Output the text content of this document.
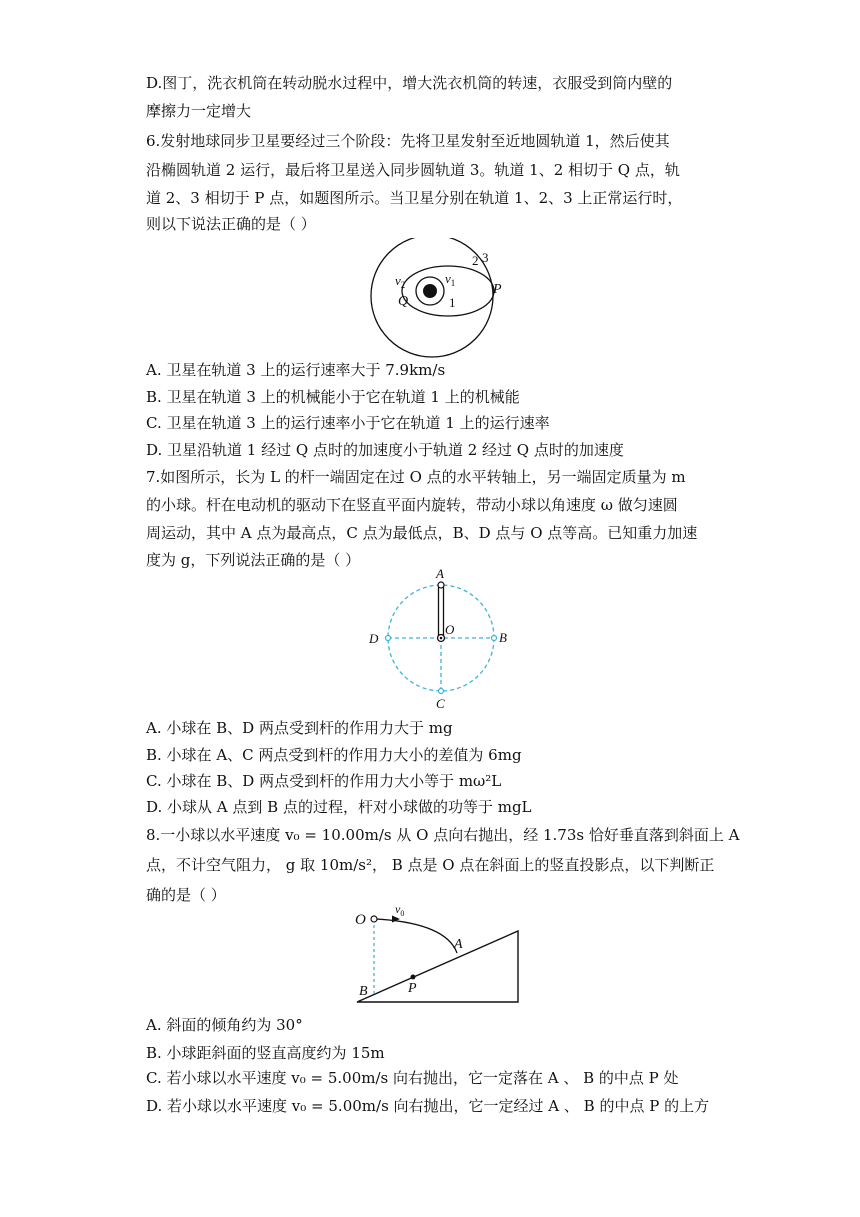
D.图丁，洗衣机筒在转动脱水过程中，增大洗衣机筒的转速，衣服受到筒内壁的
摩擦力一定增大
6.发射地球同步卫星要经过三个阶段：先将卫星发射至近地圆轨道 1，然后使其
沿椭圆轨道 2 运行，最后将卫星送入同步圆轨道 3。轨道 1、2 相切于 Q 点，轨
道 2、3 相切于 P 点，如题图所示。当卫星分别在轨道 1、2、3 上正常运行时，
则以下说法正确的是（ ）
$v_2$	$v_1$
Q
P
1
2 3
A. 卫星在轨道 3 上的运行速率大于 7.9km/s
B. 卫星在轨道 3 上的机械能小于它在轨道 1 上的机械能
C. 卫星在轨道 3 上的运行速率小于它在轨道 1 上的运行速率
D. 卫星沿轨道 1 经过 Q 点时的加速度小于轨道 2 经过 Q 点时的加速度
7.如图所示，长为 L 的杆一端固定在过 O 点的水平转轴上，另一端固定质量为 m
的小球。杆在电动机的驱动下在竖直平面内旋转，带动小球以角速度 ω 做匀速圆
周运动，其中 A 点为最高点，C 点为最低点，B、D 点与 O 点等高。已知重力加速
度为 g，下列说法正确的是（ ）
A
O
B
D
C
A. 小球在 B、D 两点受到杆的作用力大于 mg
B. 小球在 A、C 两点受到杆的作用力大小的差值为 6mg
C. 小球在 B、D 两点受到杆的作用力大小等于 mω²L
D. 小球从 A 点到 B 点的过程，杆对小球做的功等于 mgL
8.一小球以水平速度 v₀ = 10.00m/s 从 O 点向右抛出，经 1.73s 恰好垂直落到斜面上 A
点，不计空气阻力， g 取 10m/s²， B 点是 O 点在斜面上的竖直投影点，以下判断正
确的是（ ）
O
$v_0$
A
B	P
A. 斜面的倾角约为 30°
B. 小球距斜面的竖直高度约为 15m
C. 若小球以水平速度 v₀ = 5.00m/s 向右抛出，它一定落在 A 、 B 的中点 P 处
D. 若小球以水平速度 v₀ = 5.00m/s 向右抛出，它一定经过 A 、 B 的中点 P 的上方
